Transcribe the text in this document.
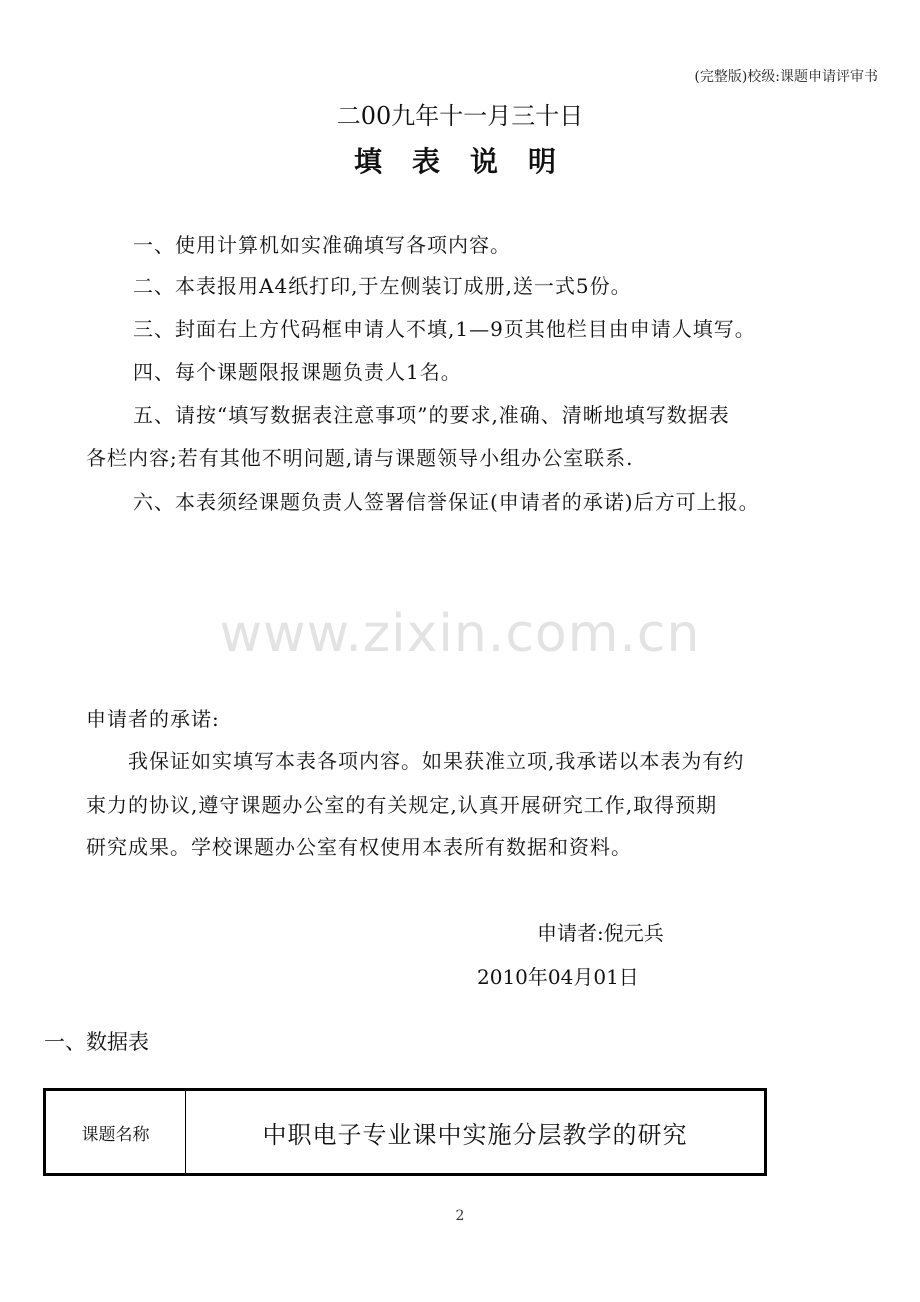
(完整版)校级:课题申请评审书
二00九年十一月三十日
填表说明
一、使用计算机如实准确填写各项内容。
二、本表报用A4纸打印,于左侧装订成册,送一式5份。
三、封面右上方代码框申请人不填,1—9页其他栏目由申请人填写。
四、每个课题限报课题负责人1名。
五、请按“填写数据表注意事项”的要求,准确、清晰地填写数据表
各栏内容;若有其他不明问题,请与课题领导小组办公室联系.
六、本表须经课题负责人签署信誉保证(申请者的承诺)后方可上报。
www.zixin.com.cn
申请者的承诺:
我保证如实填写本表各项内容。如果获准立项,我承诺以本表为有约
束力的协议,遵守课题办公室的有关规定,认真开展研究工作,取得预期
研究成果。学校课题办公室有权使用本表所有数据和资料。
申请者:倪元兵
2010年04月01日
一、数据表
课题名称	中职电子专业课中实施分层教学的研究
2
